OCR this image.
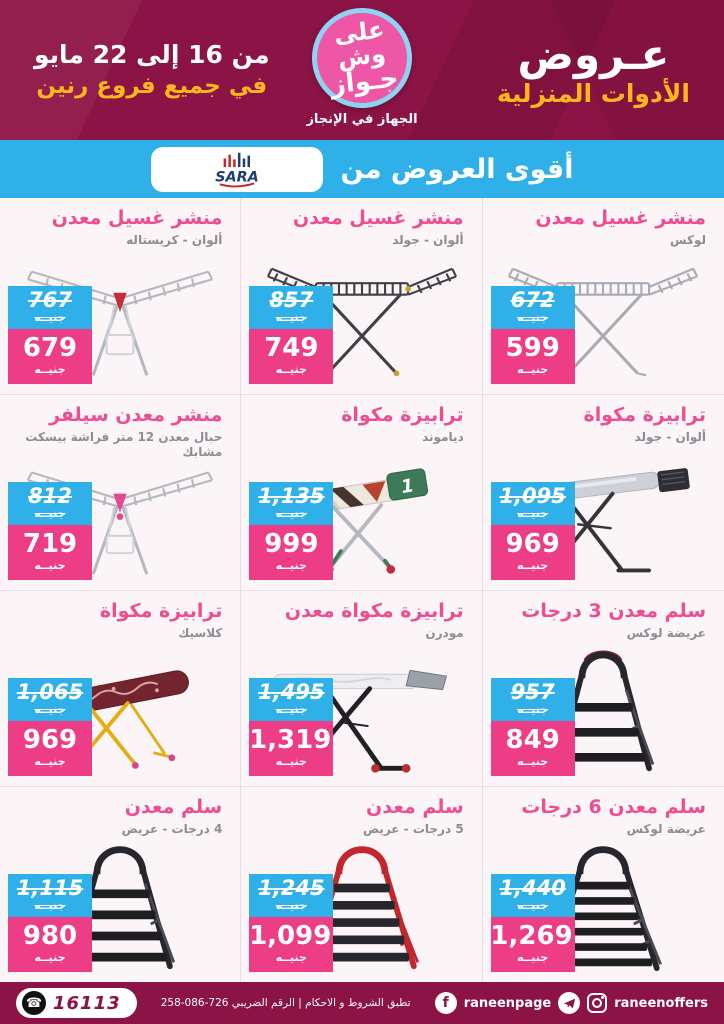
عـروض
الأدوات المنزلية
على وش
جـواز
الجهاز في الإنجاز
من 16 إلى 22 مايو
في جميع فروع رنين
أقوى العروض من
SARA
منشر غسيل معدن
لوكس
672
جنيــه
599
جنيــه
منشر غسيل معدن
ألوان - جولد
857
جنيــه
749
جنيــه
منشر غسيل معدن
ألوان - كريستاله
767
جنيــه
679
جنيــه
ترابيزة مكواة
ألوان - جولد
1,095
جنيــه
969
جنيــه
ترابيزة مكواة
دياموند
1
1,135
جنيــه
999
جنيــه
منشر معدن سيلفر
حبال معدن 12 متر فراشة بيسكت مشابك
812
جنيــه
719
جنيــه
سلم معدن 3 درجات
عريضة لوكس
957
جنيــه
849
جنيــه
ترابيزة مكواة معدن
مودرن
1,495
جنيــه
1,319
جنيــه
ترابيزة مكواة
كلاسيك
1,065
جنيــه
969
جنيــه
سلم معدن 6 درجات
عريضة لوكس
1,440
جنيــه
1,269
جنيــه
سلم معدن
5 درجات - عريض
1,245
جنيــه
1,099
جنيــه
سلم معدن
4 درجات - عريض
1,115
جنيــه
980
جنيــه
☎ 16113	تطبق الشروط و الاحكام | الرقم الضريبي 726-086-258	f	raneenpage	raneenoffers
